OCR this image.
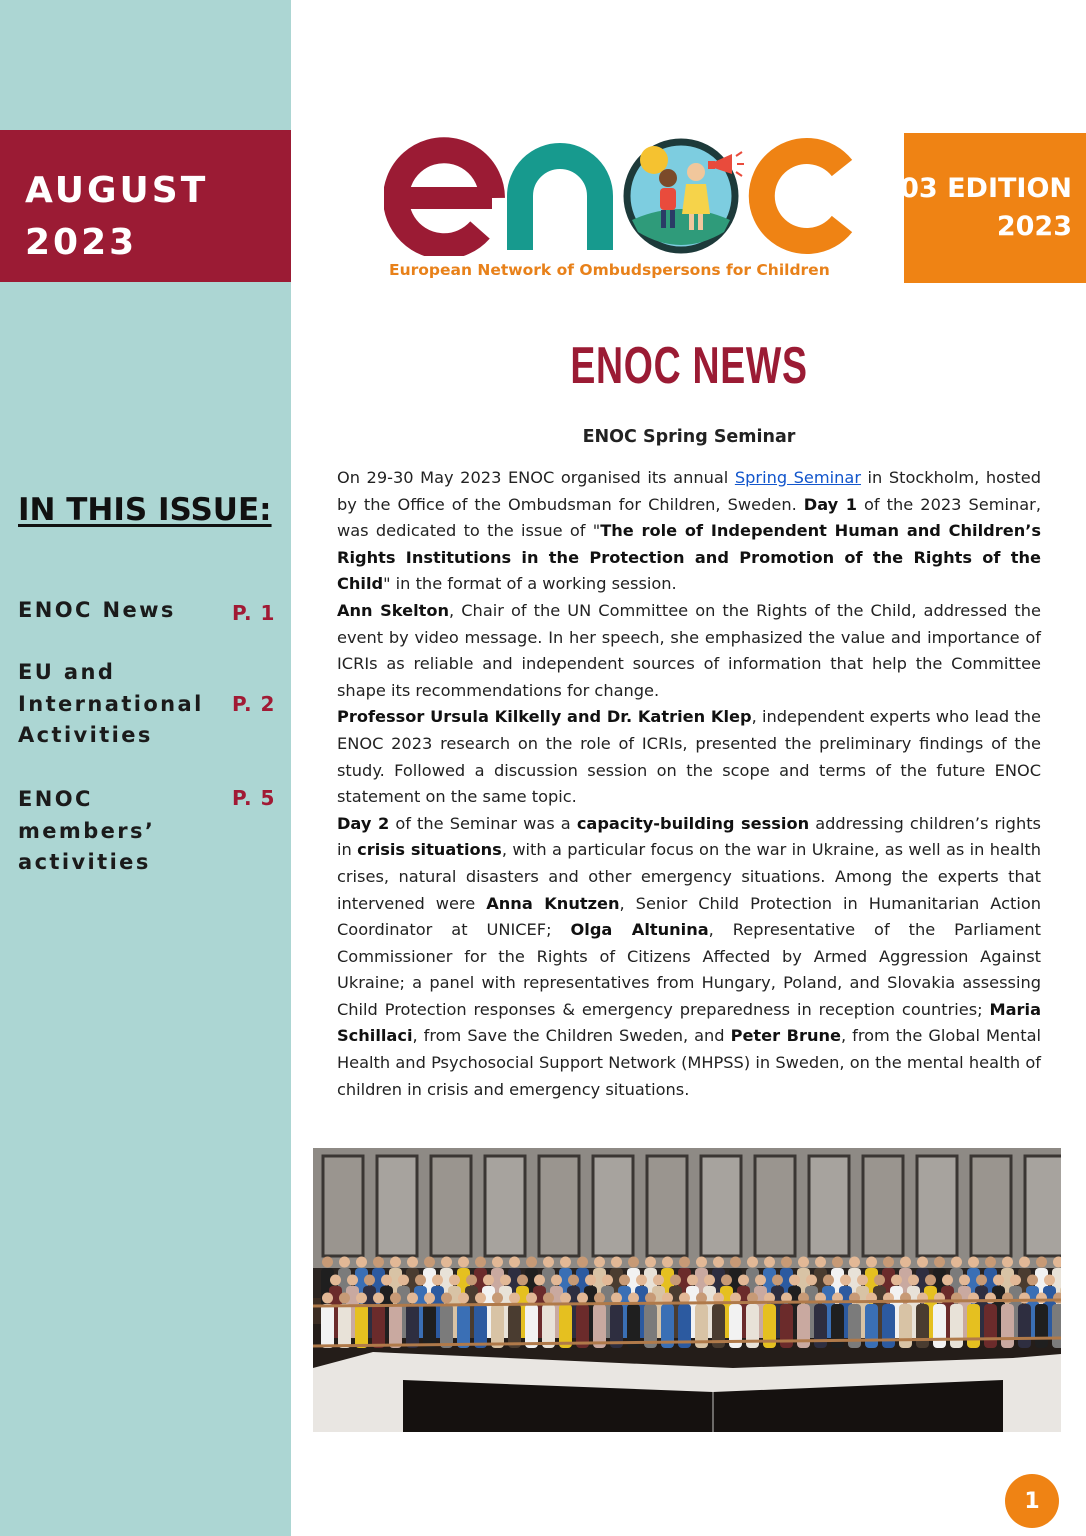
AUGUST
2023
03 EDITION
2023
European Network of Ombudspersons for Children
IN THIS ISSUE:

ENOC News	P. 1

EU and International Activities

P. 2

ENOC members’ activities

P. 5
ENOC NEWS
ENOC Spring Seminar

On 29-30 May 2023 ENOC organised its annual Spring Seminar in Stockholm, hosted by the Office of the Ombudsman for Children, Sweden. Day 1 of the 2023 Seminar, was dedicated to the issue of "The role of Independent Human and Children’s Rights Institutions in the Protection and Promotion of the Rights of the Child" in the format of a working session.

Ann Skelton, Chair of the UN Committee on the Rights of the Child, addressed the event by video message. In her speech, she emphasized the value and importance of ICRIs as reliable and independent sources of information that help the Committee shape its recommendations for change.

Professor Ursula Kilkelly and Dr. Katrien Klep, independent experts who lead the ENOC 2023 research on the role of ICRIs, presented the preliminary findings of the study. Followed a discussion session on the scope and terms of the future ENOC statement on the same topic.

Day 2 of the Seminar was a capacity-building session addressing children’s rights in crisis situations, with a particular focus on the war in Ukraine, as well as in health crises, natural disasters and other emergency situations. Among the experts that intervened were Anna Knutzen, Senior Child Protection in Humanitarian Action Coordinator at UNICEF; Olga Altunina, Representative of the Parliament Commissioner for the Rights of Citizens Affected by Armed Aggression Against Ukraine; a panel with representatives from Hungary, Poland, and Slovakia assessing Child Protection responses & emergency preparedness in reception countries; Maria Schillaci, from Save the Children Sweden, and Peter Brune, from the Global Mental Health and Psychosocial Support Network (MHPSS) in Sweden, on the mental health of children in crisis and emergency situations.

1
